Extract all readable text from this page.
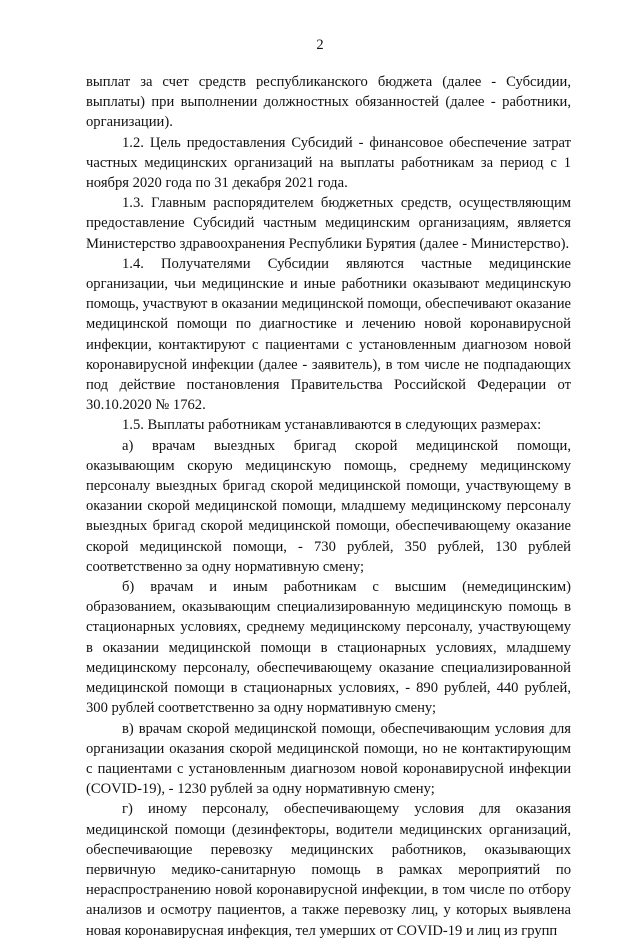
2

выплат за счет средств республиканского бюджета (далее - Субсидии, выплаты) при выполнении должностных обязанностей (далее - работники, организации).

1.2. Цель предоставления Субсидий - финансовое обеспечение затрат частных медицинских организаций на выплаты работникам за период с 1 ноября 2020 года по 31 декабря 2021 года.

1.3. Главным распорядителем бюджетных средств, осуществляющим предоставление Субсидий частным медицинским организациям, является Министерство здравоохранения Республики Бурятия (далее - Министерство).

1.4. Получателями Субсидии являются частные медицинские организации, чьи медицинские и иные работники оказывают медицинскую помощь, участвуют в оказании медицинской помощи, обеспечивают оказание медицинской помощи по диагностике и лечению новой коронавирусной инфекции, контактируют с пациентами с установленным диагнозом новой коронавирусной инфекции (далее - заявитель), в том числе не подпадающих под действие постановления Правительства Российской Федерации от 30.10.2020 № 1762.

1.5. Выплаты работникам устанавливаются в следующих размерах:

а) врачам выездных бригад скорой медицинской помощи, оказывающим скорую медицинскую помощь, среднему медицинскому персоналу выездных бригад скорой медицинской помощи, участвующему в оказании скорой медицинской помощи, младшему медицинскому персоналу выездных бригад скорой медицинской помощи, обеспечивающему оказание скорой медицинской помощи, - 730 рублей, 350 рублей, 130 рублей соответственно за одну нормативную смену;

б) врачам и иным работникам с высшим (немедицинским) образованием, оказывающим специализированную медицинскую помощь в стационарных условиях, среднему медицинскому персоналу, участвующему в оказании медицинской помощи в стационарных условиях, младшему медицинскому персоналу, обеспечивающему оказание специализированной медицинской помощи в стационарных условиях, - 890 рублей, 440 рублей, 300 рублей соответственно за одну нормативную смену;

в) врачам скорой медицинской помощи, обеспечивающим условия для организации оказания скорой медицинской помощи, но не контактирующим с пациентами с установленным диагнозом новой коронавирусной инфекции (COVID-19), - 1230 рублей за одну нормативную смену;

г) иному персоналу, обеспечивающему условия для оказания медицинской помощи (дезинфекторы, водители медицинских организаций, обеспечивающие перевозку медицинских работников, оказывающих первичную медико-санитарную помощь в рамках мероприятий по нераспространению новой коронавирусной инфекции, в том числе по отбору анализов и осмотру пациентов, а также перевозку лиц, у которых выявлена новая коронавирусная инфекция, тел умерших от COVID-19 и лиц из групп
